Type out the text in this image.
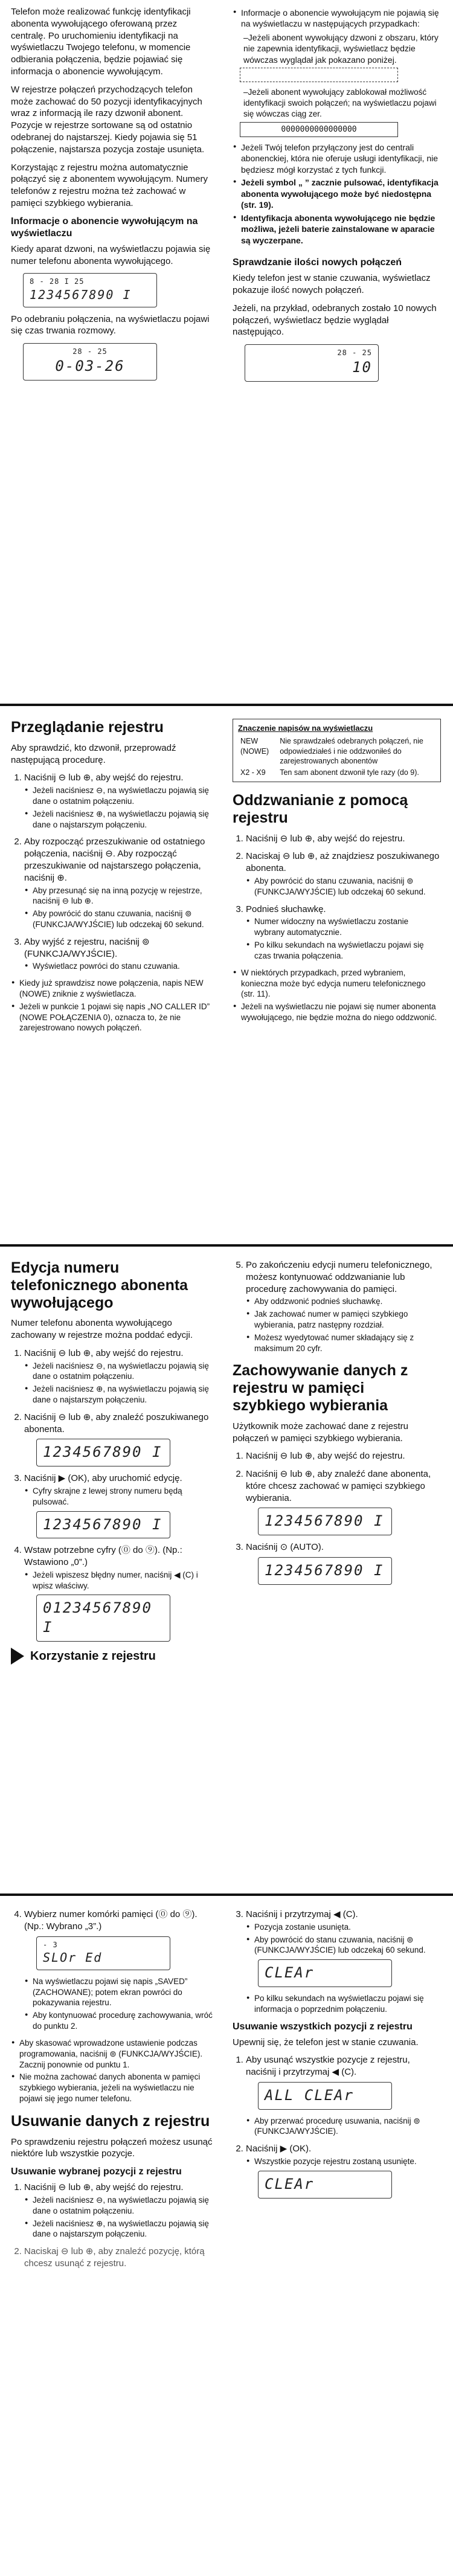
Telefon może realizować funkcję identyfikacji abonenta wywołującego oferowaną przez centralę. Po uruchomieniu identyfikacji na wyświetlaczu Twojego telefonu, w momencie odbierania połączenia, będzie pojawiać się informacja o abonencie wywołującym.

W rejestrze połączeń przychodzących telefon może zachować do 50 pozycji identyfikacyjnych wraz z informacją ile razy dzwonił abonent. Pozycje w rejestrze sortowane są od ostatnio odebranej do najstarszej. Kiedy pojawia się 51 połączenie, najstarsza pozycja zostaje usunięta.

Korzystając z rejestru można automatycznie połączyć się z abonentem wywołującym. Numery telefonów z rejestru można też zachować w pamięci szybkiego wybierania.

Informacje o abonencie wywołującym na wyświetlaczu

Kiedy aparat dzwoni, na wyświetlaczu pojawia się numer telefonu abonenta wywołującego.

8 - 28 I 25
1234567890 I

Po odebraniu połączenia, na wyświetlaczu pojawi się czas trwania rozmowy.

28 - 25
0-03-26
● Informacje o abonencie wywołującym nie pojawią się na wyświetlaczu w następujących przypadkach:
–Jeżeli abonent wywołujący dzwoni z obszaru, który nie zapewnia identyfikacji, wyświetlacz będzie wówczas wyglądał jak pokazano poniżej.
–Jeżeli abonent wywołujący zablokował możliwość identyfikacji swoich połączeń; na wyświetlaczu pojawi się wówczas ciąg zer.
0000000000000000
● Jeżeli Twój telefon przyłączony jest do centrali abonenckiej, która nie oferuje usługi identyfikacji, nie będziesz mógł korzystać z tych funkcji.
● Jeżeli symbol „ ” zacznie pulsować, identyfikacja abonenta wywołującego może być niedostępna (str. 19).
● Identyfikacja abonenta wywołującego nie będzie możliwa, jeżeli baterie zainstalowane w aparacie są wyczerpane.
Sprawdzanie ilości nowych połączeń

Kiedy telefon jest w stanie czuwania, wyświetlacz pokazuje ilość nowych połączeń.

Jeżeli, na przykład, odebranych zostało 10 nowych połączeń, wyświetlacz będzie wyglądał następująco.

28 - 25
10
Przeglądanie rejestru

Aby sprawdzić, kto dzwonił, przeprowadź następującą procedurę.

1. Naciśnij ⊖ lub ⊕, aby wejść do rejestru.
● Jeżeli naciśniesz ⊖, na wyświetlaczu pojawią się dane o ostatnim połączeniu.
● Jeżeli naciśniesz ⊕, na wyświetlaczu pojawią się dane o najstarszym połączeniu.
2. Aby rozpocząć przeszukiwanie od ostatniego połączenia, naciśnij ⊖. Aby rozpocząć przeszukiwanie od najstarszego połączenia, naciśnij ⊕.
● Aby przesunąć się na inną pozycję w rejestrze, naciśnij ⊖ lub ⊕.
● Aby powrócić do stanu czuwania, naciśnij ⊚ (FUNKCJA/WYJŚCIE) lub odczekaj 60 sekund.
3. Aby wyjść z rejestru, naciśnij ⊚ (FUNKCJA/WYJŚCIE).
● Wyświetlacz powróci do stanu czuwania.
● Kiedy już sprawdzisz nowe połączenia, napis NEW (NOWE) zniknie z wyświetlacza.
● Jeżeli w punkcie 1 pojawi się napis „NO CALLER ID” (NOWE POŁĄCZENIA 0), oznacza to, że nie zarejestrowano nowych połączeń.
Znaczenie napisów na wyświetlaczu
NEW (NOWE)	Nie sprawdzałeś odebranych połączeń, nie odpowiedziałeś i nie oddzwoniłeś do zarejestrowanych abonentów
X2 - X9	Ten sam abonent dzwonił tyle razy (do 9).
Oddzwanianie z pomocą rejestru
1. Naciśnij ⊖ lub ⊕, aby wejść do rejestru.
2. Naciskaj ⊖ lub ⊕, aż znajdziesz poszukiwanego abonenta.
● Aby powrócić do stanu czuwania, naciśnij ⊚ (FUNKCJA/WYJŚCIE) lub odczekaj 60 sekund.
3. Podnieś słuchawkę.
● Numer widoczny na wyświetlaczu zostanie wybrany automatycznie.
● Po kilku sekundach na wyświetlaczu pojawi się czas trwania połączenia.
● W niektórych przypadkach, przed wybraniem, konieczna może być edycja numeru telefonicznego (str. 11).
● Jeżeli na wyświetlaczu nie pojawi się numer abonenta wywołującego, nie będzie można do niego oddzwonić.
Edycja numeru telefonicznego abonenta wywołującego

Numer telefonu abonenta wywołującego zachowany w rejestrze można poddać edycji.

1. Naciśnij ⊖ lub ⊕, aby wejść do rejestru.
● Jeżeli naciśniesz ⊖, na wyświetlaczu pojawią się dane o ostatnim połączeniu.
● Jeżeli naciśniesz ⊕, na wyświetlaczu pojawią się dane o najstarszym połączeniu.
2. Naciśnij ⊖ lub ⊕, aby znaleźć poszukiwanego abonenta.
1234567890 I
3. Naciśnij ▶ (OK), aby uruchomić edycję.
● Cyfry skrajne z lewej strony numeru będą pulsować.
1234567890 I
4. Wstaw potrzebne cyfry (⓪ do ⑨). (Np.: Wstawiono „0”.)
● Jeżeli wpiszesz błędny numer, naciśnij ◀ (C) i wpisz właściwy.
01234567890 I
Korzystanie z rejestru
5. Po zakończeniu edycji numeru telefonicznego, możesz kontynuować oddzwanianie lub procedurę zachowywania do pamięci.
● Aby oddzwonić podnieś słuchawkę.
● Jak zachować numer w pamięci szybkiego wybierania, patrz następny rozdział.
● Możesz wyedytować numer składający się z maksimum 20 cyfr.
Zachowywanie danych z rejestru w pamięci szybkiego wybierania

Użytkownik może zachować dane z rejestru połączeń w pamięci szybkiego wybierania.

1. Naciśnij ⊖ lub ⊕, aby wejść do rejestru.
2. Naciśnij ⊖ lub ⊕, aby znaleźć dane abonenta, które chcesz zachować w pamięci szybkiego wybierania.
1234567890 I
3. Naciśnij ⊙ (AUTO).
1234567890 I
4. Wybierz numer komórki pamięci (⓪ do ⑨). (Np.: Wybrano „3”.)
- 3
SLOr Ed
● Na wyświetlaczu pojawi się napis „SAVED” (ZACHOWANE); potem ekran powróci do pokazywania rejestru.
● Aby kontynuować procedurę zachowywania, wróć do punktu 2.
● Aby skasować wprowadzone ustawienie podczas programowania, naciśnij ⊚ (FUNKCJA/WYJŚCIE). Zacznij ponownie od punktu 1.
● Nie można zachować danych abonenta w pamięci szybkiego wybierania, jeżeli na wyświetlaczu nie pojawi się jego numer telefonu.
Usuwanie danych z rejestru

Po sprawdzeniu rejestru połączeń możesz usunąć niektóre lub wszystkie pozycje.

Usuwanie wybranej pozycji z rejestru
1. Naciśnij ⊖ lub ⊕, aby wejść do rejestru.
● Jeżeli naciśniesz ⊖, na wyświetlaczu pojawią się dane o ostatnim połączeniu.
● Jeżeli naciśniesz ⊕, na wyświetlaczu pojawią się dane o najstarszym połączeniu.
2. Naciskaj ⊖ lub ⊕, aby znaleźć pozycję, którą chcesz usunąć z rejestru.
3. Naciśnij i przytrzymaj ◀ (C).
● Pozycja zostanie usunięta.
● Aby powrócić do stanu czuwania, naciśnij ⊚ (FUNKCJA/WYJŚCIE) lub odczekaj 60 sekund.
CLEAr
● Po kilku sekundach na wyświetlaczu pojawi się informacja o poprzednim połączeniu.
Usuwanie wszystkich pozycji z rejestru

Upewnij się, że telefon jest w stanie czuwania.

1. Aby usunąć wszystkie pozycje z rejestru, naciśnij i przytrzymaj ◀ (C).
ALL CLEAr
● Aby przerwać procedurę usuwania, naciśnij ⊚ (FUNKCJA/WYJŚCIE).
2. Naciśnij ▶ (OK).
● Wszystkie pozycje rejestru zostaną usunięte.
CLEAr
